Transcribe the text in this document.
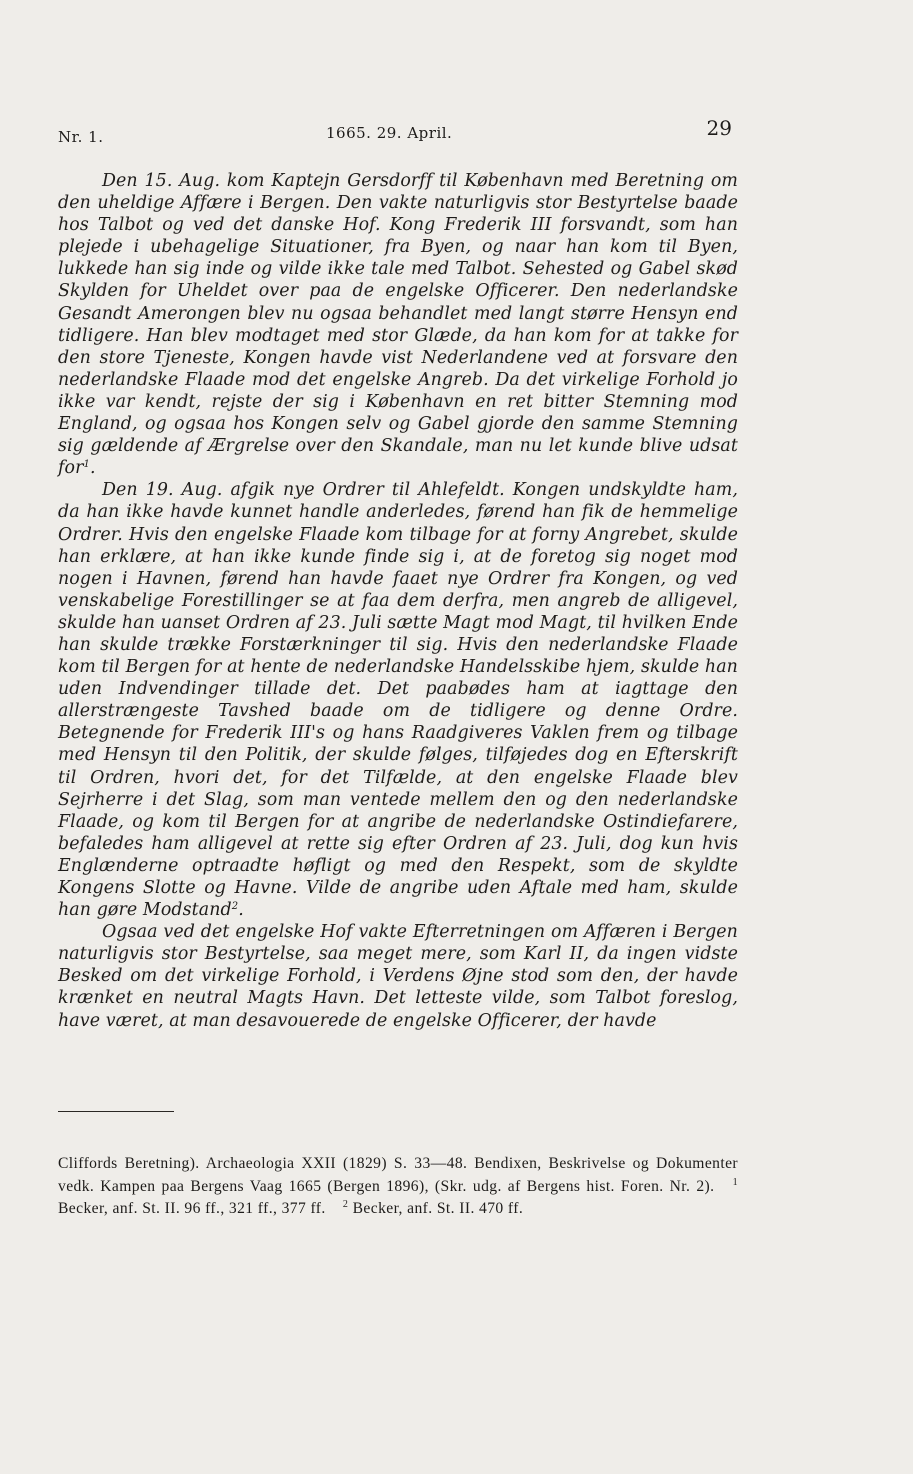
Nr. 1.	1665. 29. April.	29

Den 15. Aug. kom Kaptejn Gersdorff til København med Beretning om den uheldige Affære i Bergen. Den vakte naturligvis stor Bestyrtelse baade hos Talbot og ved det danske Hof. Kong Frederik III forsvandt, som han plejede i ubehagelige Situationer, fra Byen, og naar han kom til Byen, lukkede han sig inde og vilde ikke tale med Talbot. Sehested og Gabel skød Skylden for Uheldet over paa de engelske Officerer. Den nederlandske Gesandt Amerongen blev nu ogsaa behandlet med langt større Hensyn end tidligere. Han blev modtaget med stor Glæde, da han kom for at takke for den store Tjeneste, Kongen havde vist Nederlandene ved at forsvare den nederlandske Flaade mod det engelske Angreb. Da det virkelige Forhold jo ikke var kendt, rejste der sig i København en ret bitter Stemning mod England, og ogsaa hos Kongen selv og Gabel gjorde den samme Stemning sig gældende af Ærgrelse over den Skandale, man nu let kunde blive udsat for$^1$.

Den 19. Aug. afgik nye Ordrer til Ahlefeldt. Kongen undskyldte ham, da han ikke havde kunnet handle anderledes, førend han fik de hemmelige Ordrer. Hvis den engelske Flaade kom tilbage for at forny Angrebet, skulde han erklære, at han ikke kunde finde sig i, at de foretog sig noget mod nogen i Havnen, førend han havde faaet nye Ordrer fra Kongen, og ved venskabelige Forestillinger se at faa dem derfra, men angreb de alligevel, skulde han uanset Ordren af 23. Juli sætte Magt mod Magt, til hvilken Ende han skulde trække Forstærkninger til sig. Hvis den nederlandske Flaade kom til Bergen for at hente de nederlandske Handelsskibe hjem, skulde han uden Indvendinger tillade det. Det paabødes ham at iagttage den allerstrængeste Tavshed baade om de tidligere og denne Ordre. Betegnende for Frederik III's og hans Raadgiveres Vaklen frem og tilbage med Hensyn til den Politik, der skulde følges, tilføjedes dog en Efterskrift til Ordren, hvori det, for det Tilfælde, at den engelske Flaade blev Sejrherre i det Slag, som man ventede mellem den og den nederlandske Flaade, og kom til Bergen for at angribe de nederlandske Ostindiefarere, befaledes ham alligevel at rette sig efter Ordren af 23. Juli, dog kun hvis Englænderne optraadte høfligt og med den Respekt, som de skyldte Kongens Slotte og Havne. Vilde de angribe uden Aftale med ham, skulde han gøre Modstand$^2$.

Ogsaa ved det engelske Hof vakte Efterretningen om Affæren i Bergen naturligvis stor Bestyrtelse, saa meget mere, som Karl II, da ingen vidste Besked om det virkelige Forhold, i Verdens Øjne stod som den, der havde krænket en neutral Magts Havn. Det letteste vilde, som Talbot foreslog, have været, at man desavouerede de engelske Officerer, der havde

Cliffords Beretning). Archaeologia XXII (1829) S. 33—48. Bendixen, Beskrivelse og Dokumenter vedk. Kampen paa Bergens Vaag 1665 (Bergen 1896), (Skr. udg. af Bergens hist. Foren. Nr. 2). $^1$ Becker, anf. St. II. 96 ff., 321 ff., 377 ff. $^2$ Becker, anf. St. II. 470 ff.
